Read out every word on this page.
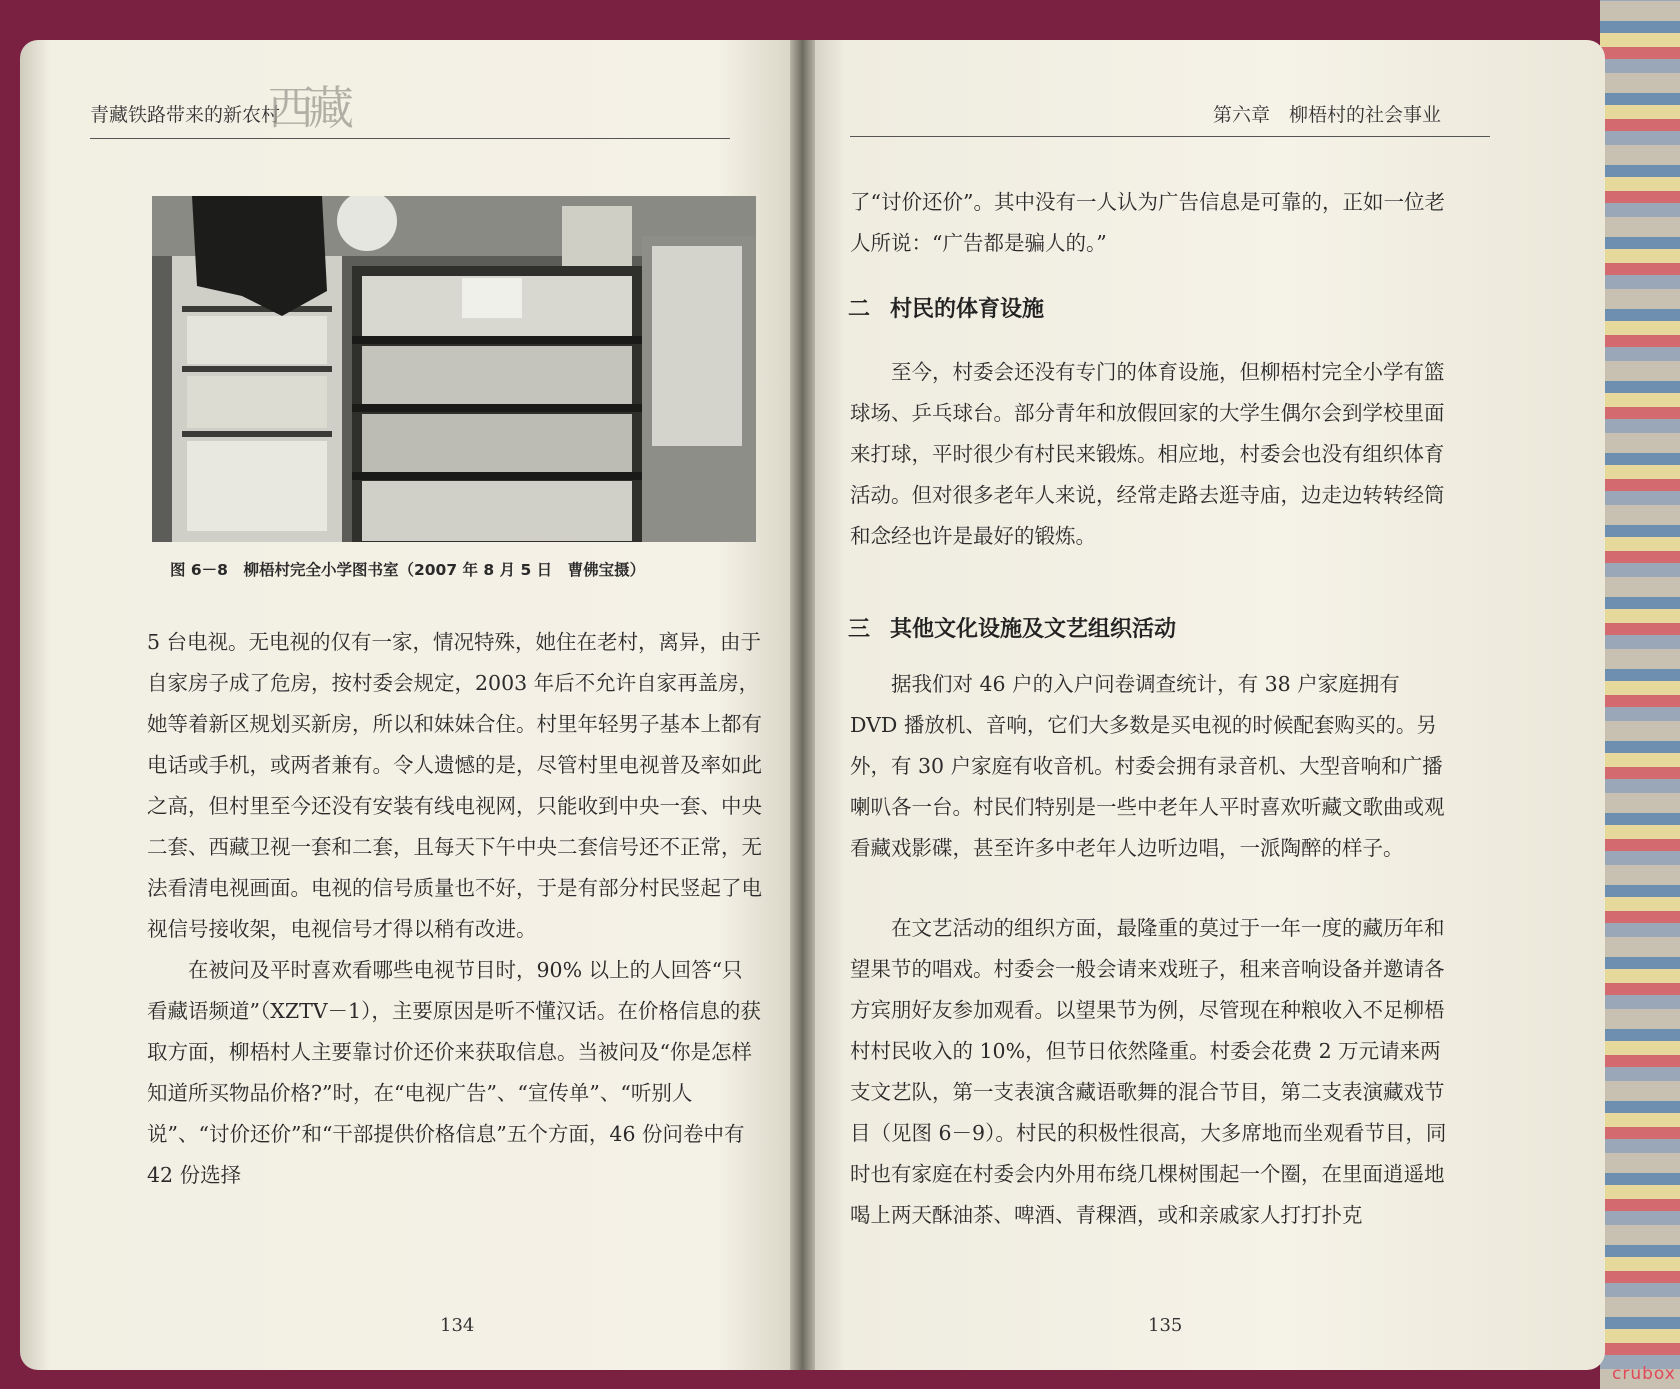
青藏铁路带来的新农村
西藏
图 6－8　柳梧村完全小学图书室（2007 年 8 月 5 日　曹佛宝摄）

5 台电视。无电视的仅有一家，情况特殊，她住在老村，离异，由于自家房子成了危房，按村委会规定，2003 年后不允许自家再盖房，她等着新区规划买新房，所以和妹妹合住。村里年轻男子基本上都有电话或手机，或两者兼有。令人遗憾的是，尽管村里电视普及率如此之高，但村里至今还没有安装有线电视网，只能收到中央一套、中央二套、西藏卫视一套和二套，且每天下午中央二套信号还不正常，无法看清电视画面。电视的信号质量也不好，于是有部分村民竖起了电视信号接收架，电视信号才得以稍有改进。

在被问及平时喜欢看哪些电视节目时，90% 以上的人回答“只看藏语频道”（XZTV－1），主要原因是听不懂汉话。在价格信息的获取方面，柳梧村人主要靠讨价还价来获取信息。当被问及“你是怎样知道所买物品价格?”时，在“电视广告”、“宣传单”、“听别人说”、“讨价还价”和“干部提供价格信息”五个方面，46 份问卷中有 42 份选择

134
第六章　柳梧村的社会事业

了“讨价还价”。其中没有一人认为广告信息是可靠的，正如一位老人所说：“广告都是骗人的。”

二 村民的体育设施

至今，村委会还没有专门的体育设施，但柳梧村完全小学有篮球场、乒乓球台。部分青年和放假回家的大学生偶尔会到学校里面来打球，平时很少有村民来锻炼。相应地，村委会也没有组织体育活动。但对很多老年人来说，经常走路去逛寺庙，边走边转转经筒和念经也许是最好的锻炼。

三 其他文化设施及文艺组织活动

据我们对 46 户的入户问卷调查统计，有 38 户家庭拥有 DVD 播放机、音响，它们大多数是买电视的时候配套购买的。另外，有 30 户家庭有收音机。村委会拥有录音机、大型音响和广播喇叭各一台。村民们特别是一些中老年人平时喜欢听藏文歌曲或观看藏戏影碟，甚至许多中老年人边听边唱，一派陶醉的样子。

在文艺活动的组织方面，最隆重的莫过于一年一度的藏历年和望果节的唱戏。村委会一般会请来戏班子，租来音响设备并邀请各方宾朋好友参加观看。以望果节为例，尽管现在种粮收入不足柳梧村村民收入的 10%，但节日依然隆重。村委会花费 2 万元请来两支文艺队，第一支表演含藏语歌舞的混合节目，第二支表演藏戏节目（见图 6－9）。村民的积极性很高，大多席地而坐观看节目，同时也有家庭在村委会内外用布绕几棵树围起一个圈，在里面逍遥地喝上两天酥油茶、啤酒、青稞酒，或和亲戚家人打打扑克

135
crubox
